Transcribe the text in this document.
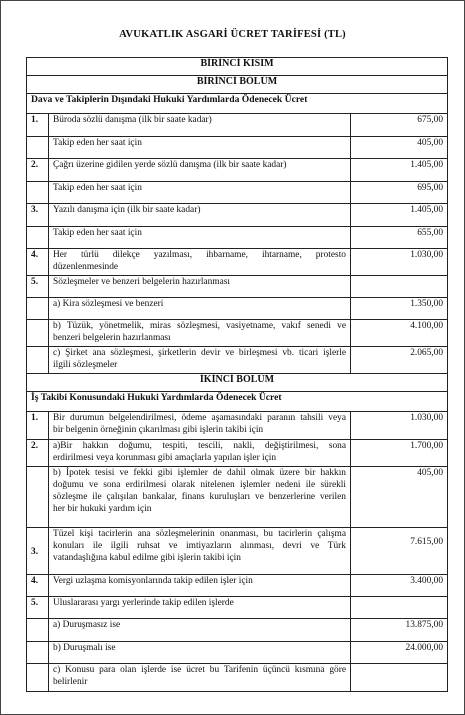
AVUKATLIK ASGARİ ÜCRET TARİFESİ (TL)
BİRİNCİ KISIM		
BİRİNCİ BÖLÜM		
Dava ve Takiplerin Dışındaki Hukuki Yardımlarda Ödenecek Ücret		
1.	Büroda sözlü danışma (ilk bir saate kadar)	675,00
	Takip eden her saat için	405,00
2.	Çağrı üzerine gidilen yerde sözlü danışma (ilk bir saate kadar)	1.405,00
	Takip eden her saat için	695,00
3.	Yazılı danışma için (ilk bir saate kadar)	1.405,00
	Takip eden her saat için	655,00
4.	Her türlü dilekçe yazılması, ihbarname, ihtarname, protesto
düzenlenmesinde	1.030,00
5.	Sözleşmeler ve benzeri belgelerin hazırlanması	
	a) Kira sözleşmesi ve benzeri	1.350,00

	b) Tüzük, yönetmelik, miras sözleşmesi, vasiyetname, vakıf senedi ve
benzeri belgelerin hazırlanması	4.100,00

	c) Şirket ana sözleşmesi, şirketlerin devir ve birleşmesi vb. ticari işlerle
ilgili sözleşmeler	2.065,00
İKİNCİ BÖLÜM		
İş Takibi Konusundaki Hukuki Yardımlarda Ödenecek Ücret		
1.	Bir durumun belgelendirilmesi, ödeme aşamasındaki paranın tahsili veya
bir belgenin örneğinin çıkarılması gibi işlerin takibi için	1.030,00
2.	a)Bir hakkın doğumu, tespiti, tescili, nakli, değiştirilmesi, sona
erdirilmesi veya korunması gibi amaçlarla yapılan işler için	1.700,00

	b) İpotek tesisi ve fekki gibi işlemler de dahil olmak üzere bir hakkın
doğumu ve sona erdirilmesi olarak nitelenen işlemler nedeni ile sürekli
sözleşme ile çalışılan bankalar, finans kuruluşları ve benzerlerine verilen
her bir hukuki yardım için	405,00
3.	Tüzel kişi tacirlerin ana sözleşmelerinin onanması, bu tacirlerin çalışma
konuları ile ilgili ruhsat ve imtiyazların alınması, devri ve Türk
vatandaşlığına kabul edilme gibi işlerin takibi için	7.615,00
4.	Vergi uzlaşma komisyonlarında takip edilen işler için	3.400,00
5.	Uluslararası yargı yerlerinde takip edilen işlerde	
	a) Duruşmasız ise	13.875,00
	b) Duruşmalı ise	24.000,00

	c) Konusu para olan işlerde ise ücret bu Tarifenin üçüncü kısmına göre
belirlenir	
